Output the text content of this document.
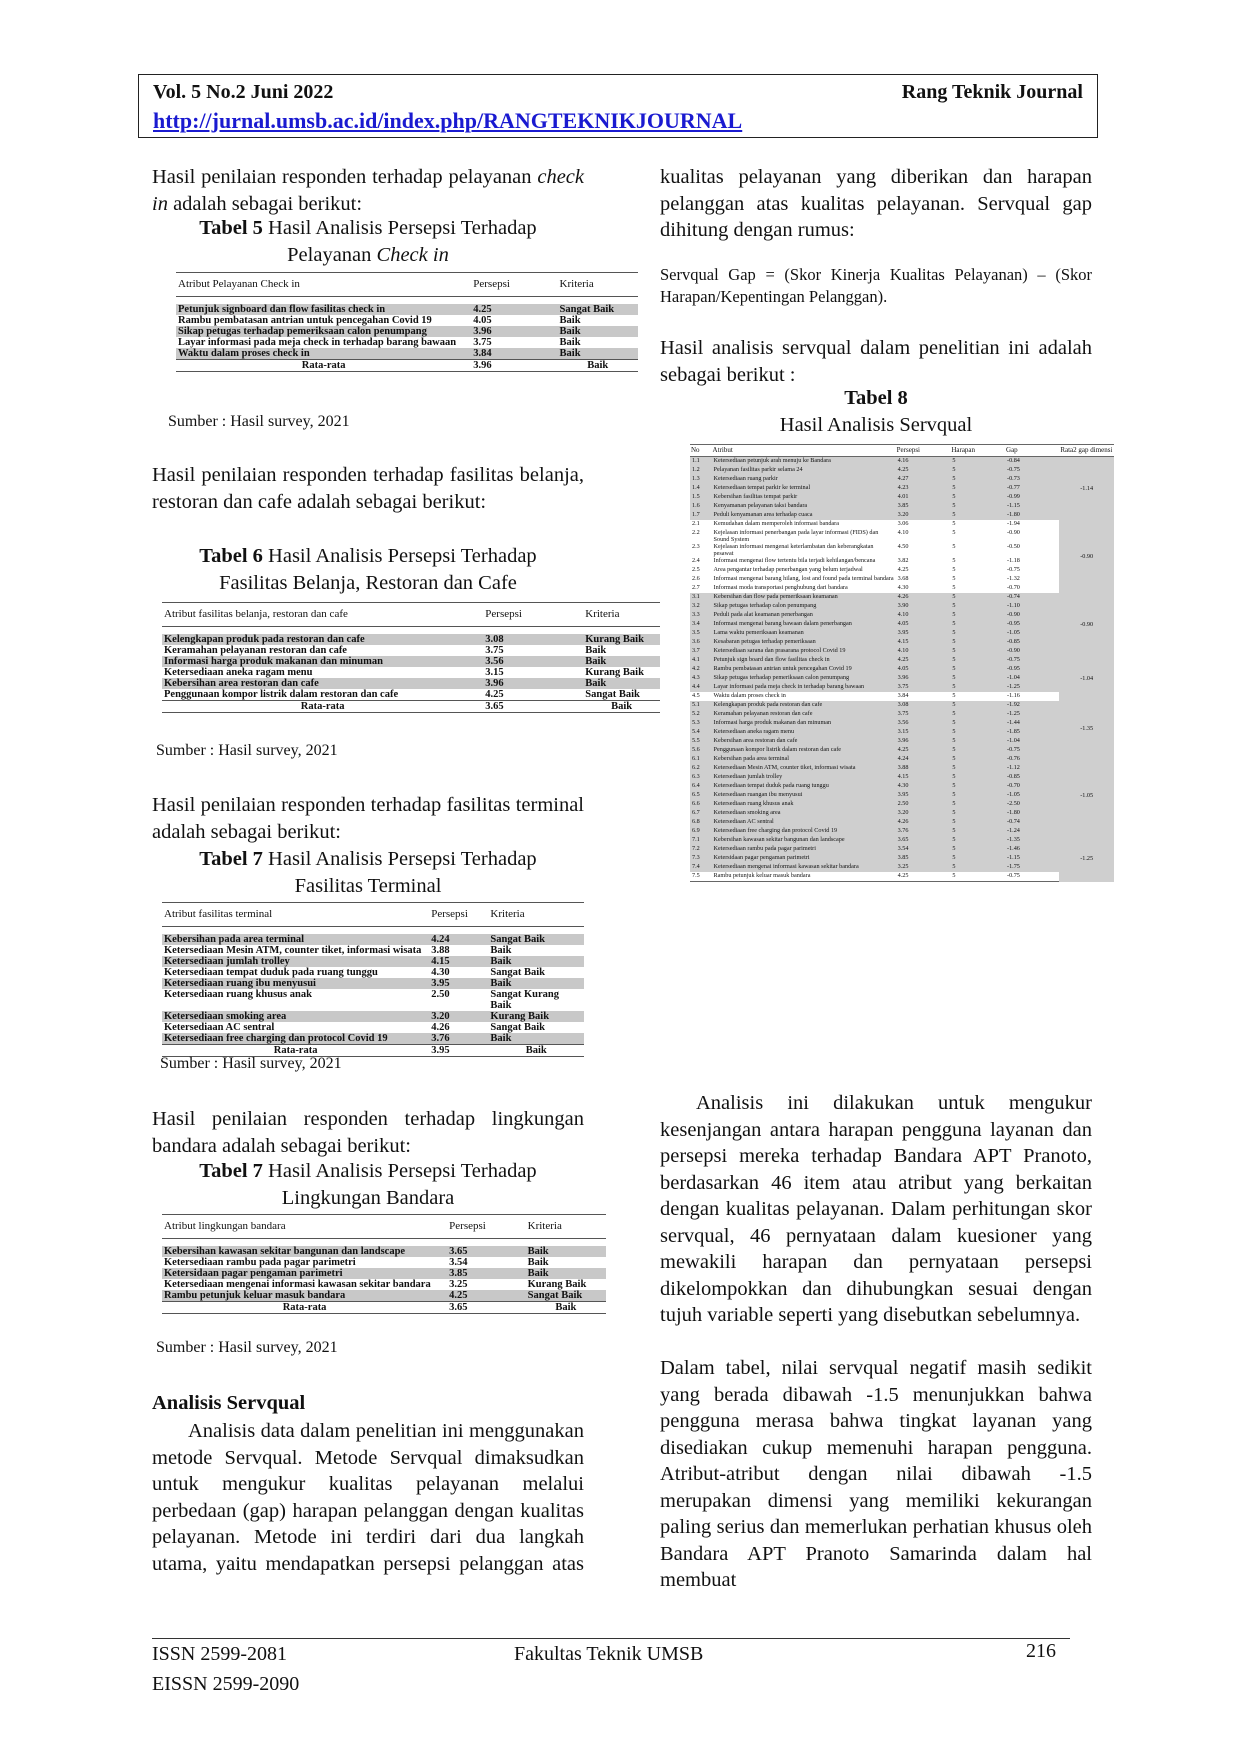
Vol. 5 No.2 Juni 2022	Rang Teknik Journal
http://jurnal.umsb.ac.id/index.php/RANGTEKNIKJOURNAL

Hasil penilaian responden terhadap pelayanan check in adalah sebagai berikut:

Tabel 5 Hasil Analisis Persepsi Terhadap
Pelayanan Check in
Atribut Pelayanan Check in	Persepsi	Kriteria

Petunjuk signboard dan flow fasilitas check in	4.25	Sangat Baik
Rambu pembatasan antrian untuk pencegahan Covid 19	4.05	Baik
Sikap petugas terhadap pemeriksaan calon penumpang	3.96	Baik
Layar informasi pada meja check in terhadap barang bawaan	3.75	Baik
Waktu dalam proses check in	3.84	Baik
Rata-rata	3.96	Baik
Sumber : Hasil survey, 2021

Hasil penilaian responden terhadap fasilitas belanja, restoran dan cafe adalah sebagai berikut:

Tabel 6 Hasil Analisis Persepsi Terhadap
Fasilitas Belanja, Restoran dan Cafe
Atribut fasilitas belanja, restoran dan cafe	Persepsi	Kriteria

Kelengkapan produk pada restoran dan cafe	3.08	Kurang Baik
Keramahan pelayanan restoran dan cafe	3.75	Baik
Informasi harga produk makanan dan minuman	3.56	Baik
Ketersediaan aneka ragam menu	3.15	Kurang Baik
Kebersihan area restoran dan cafe	3.96	Baik
Penggunaan kompor listrik dalam restoran dan cafe	4.25	Sangat Baik
Rata-rata	3.65	Baik
Sumber : Hasil survey, 2021

Hasil penilaian responden terhadap fasilitas terminal adalah sebagai berikut:

Tabel 7 Hasil Analisis Persepsi Terhadap
Fasilitas Terminal
Atribut fasilitas terminal	Persepsi	Kriteria

Kebersihan pada area terminal	4.24	Sangat Baik
Ketersediaan Mesin ATM, counter tiket, informasi wisata	3.88	Baik
Ketersediaan jumlah trolley	4.15	Baik
Ketersediaan tempat duduk pada ruang tunggu	4.30	Sangat Baik
Ketersediaan ruang ibu menyusui	3.95	Baik
Ketersediaan ruang khusus anak	2.50	Sangat Kurang Baik
Ketersediaan smoking area	3.20	Kurang Baik
Ketersediaan AC sentral	4.26	Sangat Baik
Ketersediaan free charging dan protocol Covid 19	3.76	Baik
Rata-rata	3.95	Baik
Sumber : Hasil survey, 2021

Hasil penilaian responden terhadap lingkungan bandara adalah sebagai berikut:

Tabel 7 Hasil Analisis Persepsi Terhadap
Lingkungan Bandara
Atribut lingkungan bandara	Persepsi	Kriteria

Kebersihan kawasan sekitar bangunan dan landscape	3.65	Baik
Ketersediaan rambu pada pagar parimetri	3.54	Baik
Ketersidaan pagar pengaman parimetri	3.85	Baik
Ketersediaan mengenai informasi kawasan sekitar bandara	3.25	Kurang Baik
Rambu petunjuk keluar masuk bandara	4.25	Sangat Baik
Rata-rata	3.65	Baik
Sumber : Hasil survey, 2021
Analisis Servqual

Analisis data dalam penelitian ini menggunakan metode Servqual. Metode Servqual dimaksudkan untuk mengukur kualitas pelayanan melalui perbedaan (gap) harapan pelanggan dengan kualitas pelayanan. Metode ini terdiri dari dua langkah utama, yaitu mendapatkan persepsi pelanggan atas

kualitas pelayanan yang diberikan dan harapan pelanggan atas kualitas pelayanan. Servqual gap dihitung dengan rumus:

Servqual Gap = (Skor Kinerja Kualitas Pelayanan) – (Skor Harapan/Kepentingan Pelanggan).

Hasil analisis servqual dalam penelitian ini adalah sebagai berikut :

Tabel 8
Hasil Analisis Servqual
No	Atribut	Persepsi	Harapan	Gap	Rata2 gap dimensi
1.1	Ketersediaan petunjuk arah menuju ke Bandara	4.16	5	-0.84	-1.14
1.2	Pelayanan fasilitas parkir selama 24	4.25	5	-0.75	
1.3	Ketersediaan ruang parkir	4.27	5	-0.73	
1.4	Ketersediaan tempat parkir ke terminal	4.23	5	-0.77	
1.5	Kebersihan fasilitas tempat parkir	4.01	5	-0.99	
1.6	Kenyamanan pelayanan taksi bandara	3.85	5	-1.15	
1.7	Peduli kenyamanan area terhadap cuaca	3.20	5	-1.80	
2.1	Kemudahan dalam memperoleh informasi bandara	3.06	5	-1.94	-0.90
2.2	Kejelasan informasi penerbangan pada layar informasi (FIDS) dan Sound System	4.10	5	-0.90	
2.3	Kejelasan informasi mengenai keterlambatan dan keberangkatan pesawat	4.50	5	-0.50	
2.4	Informasi mengenai flow tertentu bila terjadi kehilangan/bencana	3.82	5	-1.18	
2.5	Area pengantar terhadap penerbangan yang belum terjadwal	4.25	5	-0.75	
2.6	Informasi mengenai barang hilang, lost and found pada terminal bandara	3.68	5	-1.32	
2.7	Informasi moda transportasi penghubung dari bandara	4.30	5	-0.70	
3.1	Kebersihan dan flow pada pemeriksaan keamanan	4.26	5	-0.74	-0.90
3.2	Sikap petugas terhadap calon penumpang	3.90	5	-1.10	
3.3	Peduli pada alat keamanan penerbangan	4.10	5	-0.90	
3.4	Informasi mengenai barang bawaan dalam penerbangan	4.05	5	-0.95	
3.5	Lama waktu pemeriksaan keamanan	3.95	5	-1.05	
3.6	Kesabaran petugas terhadap pemeriksaan	4.15	5	-0.85	
3.7	Ketersediaan sarana dan prasarana protocol Covid 19	4.10	5	-0.90	
4.1	Petunjuk sign board dan flow fasilitas check in	4.25	5	-0.75	-1.04
4.2	Rambu pembatasan antrian untuk pencegahan Covid 19	4.05	5	-0.95	
4.3	Sikap petugas terhadap pemeriksaan calon penumpang	3.96	5	-1.04	
4.4	Layar informasi pada meja check in terhadap barang bawaan	3.75	5	-1.25	
4.5	Waktu dalam proses check in	3.84	5	-1.16	
5.1	Kelengkapan produk pada restoran dan cafe	3.08	5	-1.92	-1.35
5.2	Keramahan pelayanan restoran dan cafe	3.75	5	-1.25	
5.3	Informasi harga produk makanan dan minuman	3.56	5	-1.44	
5.4	Ketersediaan aneka ragam menu	3.15	5	-1.85	
5.5	Kebersihan area restoran dan cafe	3.96	5	-1.04	
5.6	Penggunaan kompor listrik dalam restoran dan cafe	4.25	5	-0.75	
6.1	Kebersihan pada area terminal	4.24	5	-0.76	-1.05
6.2	Ketersediaan Mesin ATM, counter tiket, informasi wisata	3.88	5	-1.12	
6.3	Ketersediaan jumlah trolley	4.15	5	-0.85	
6.4	Ketersediaan tempat duduk pada ruang tunggu	4.30	5	-0.70	
6.5	Ketersediaan ruangan ibu menyusui	3.95	5	-1.05	
6.6	Ketersediaan ruang khusus anak	2.50	5	-2.50	
6.7	Ketersediaan smoking area	3.20	5	-1.80	
6.8	Ketersediaan AC sentral	4.26	5	-0.74	
6.9	Ketersediaan free charging dan protocol Covid 19	3.76	5	-1.24	
7.1	Kebersihan kawasan sekitar bangunan dan landscape	3.65	5	-1.35	-1.25
7.2	Ketersediaan rambu pada pagar parimetri	3.54	5	-1.46	
7.3	Ketersidaan pagar pengaman parimetri	3.85	5	-1.15	
7.4	Ketersediaan mengenai informasi kawasan sekitar bandara	3.25	5	-1.75	
7.5	Rambu petunjuk keluar masuk bandara	4.25	5	-0.75	

Analisis ini dilakukan untuk mengukur kesenjangan antara harapan pengguna layanan dan persepsi mereka terhadap Bandara APT Pranoto, berdasarkan 46 item atau atribut yang berkaitan dengan kualitas pelayanan. Dalam perhitungan skor servqual, 46 pernyataan dalam kuesioner yang mewakili harapan dan pernyataan persepsi dikelompokkan dan dihubungkan sesuai dengan tujuh variable seperti yang disebutkan sebelumnya.

Dalam tabel, nilai servqual negatif masih sedikit yang berada dibawah -1.5 menunjukkan bahwa pengguna merasa bahwa tingkat layanan yang disediakan cukup memenuhi harapan pengguna. Atribut-atribut dengan nilai dibawah -1.5 merupakan dimensi yang memiliki kekurangan paling serius dan memerlukan perhatian khusus oleh Bandara APT Pranoto Samarinda dalam hal membuat

ISSN 2599-2081
EISSN 2599-2090
Fakultas Teknik UMSB	216
